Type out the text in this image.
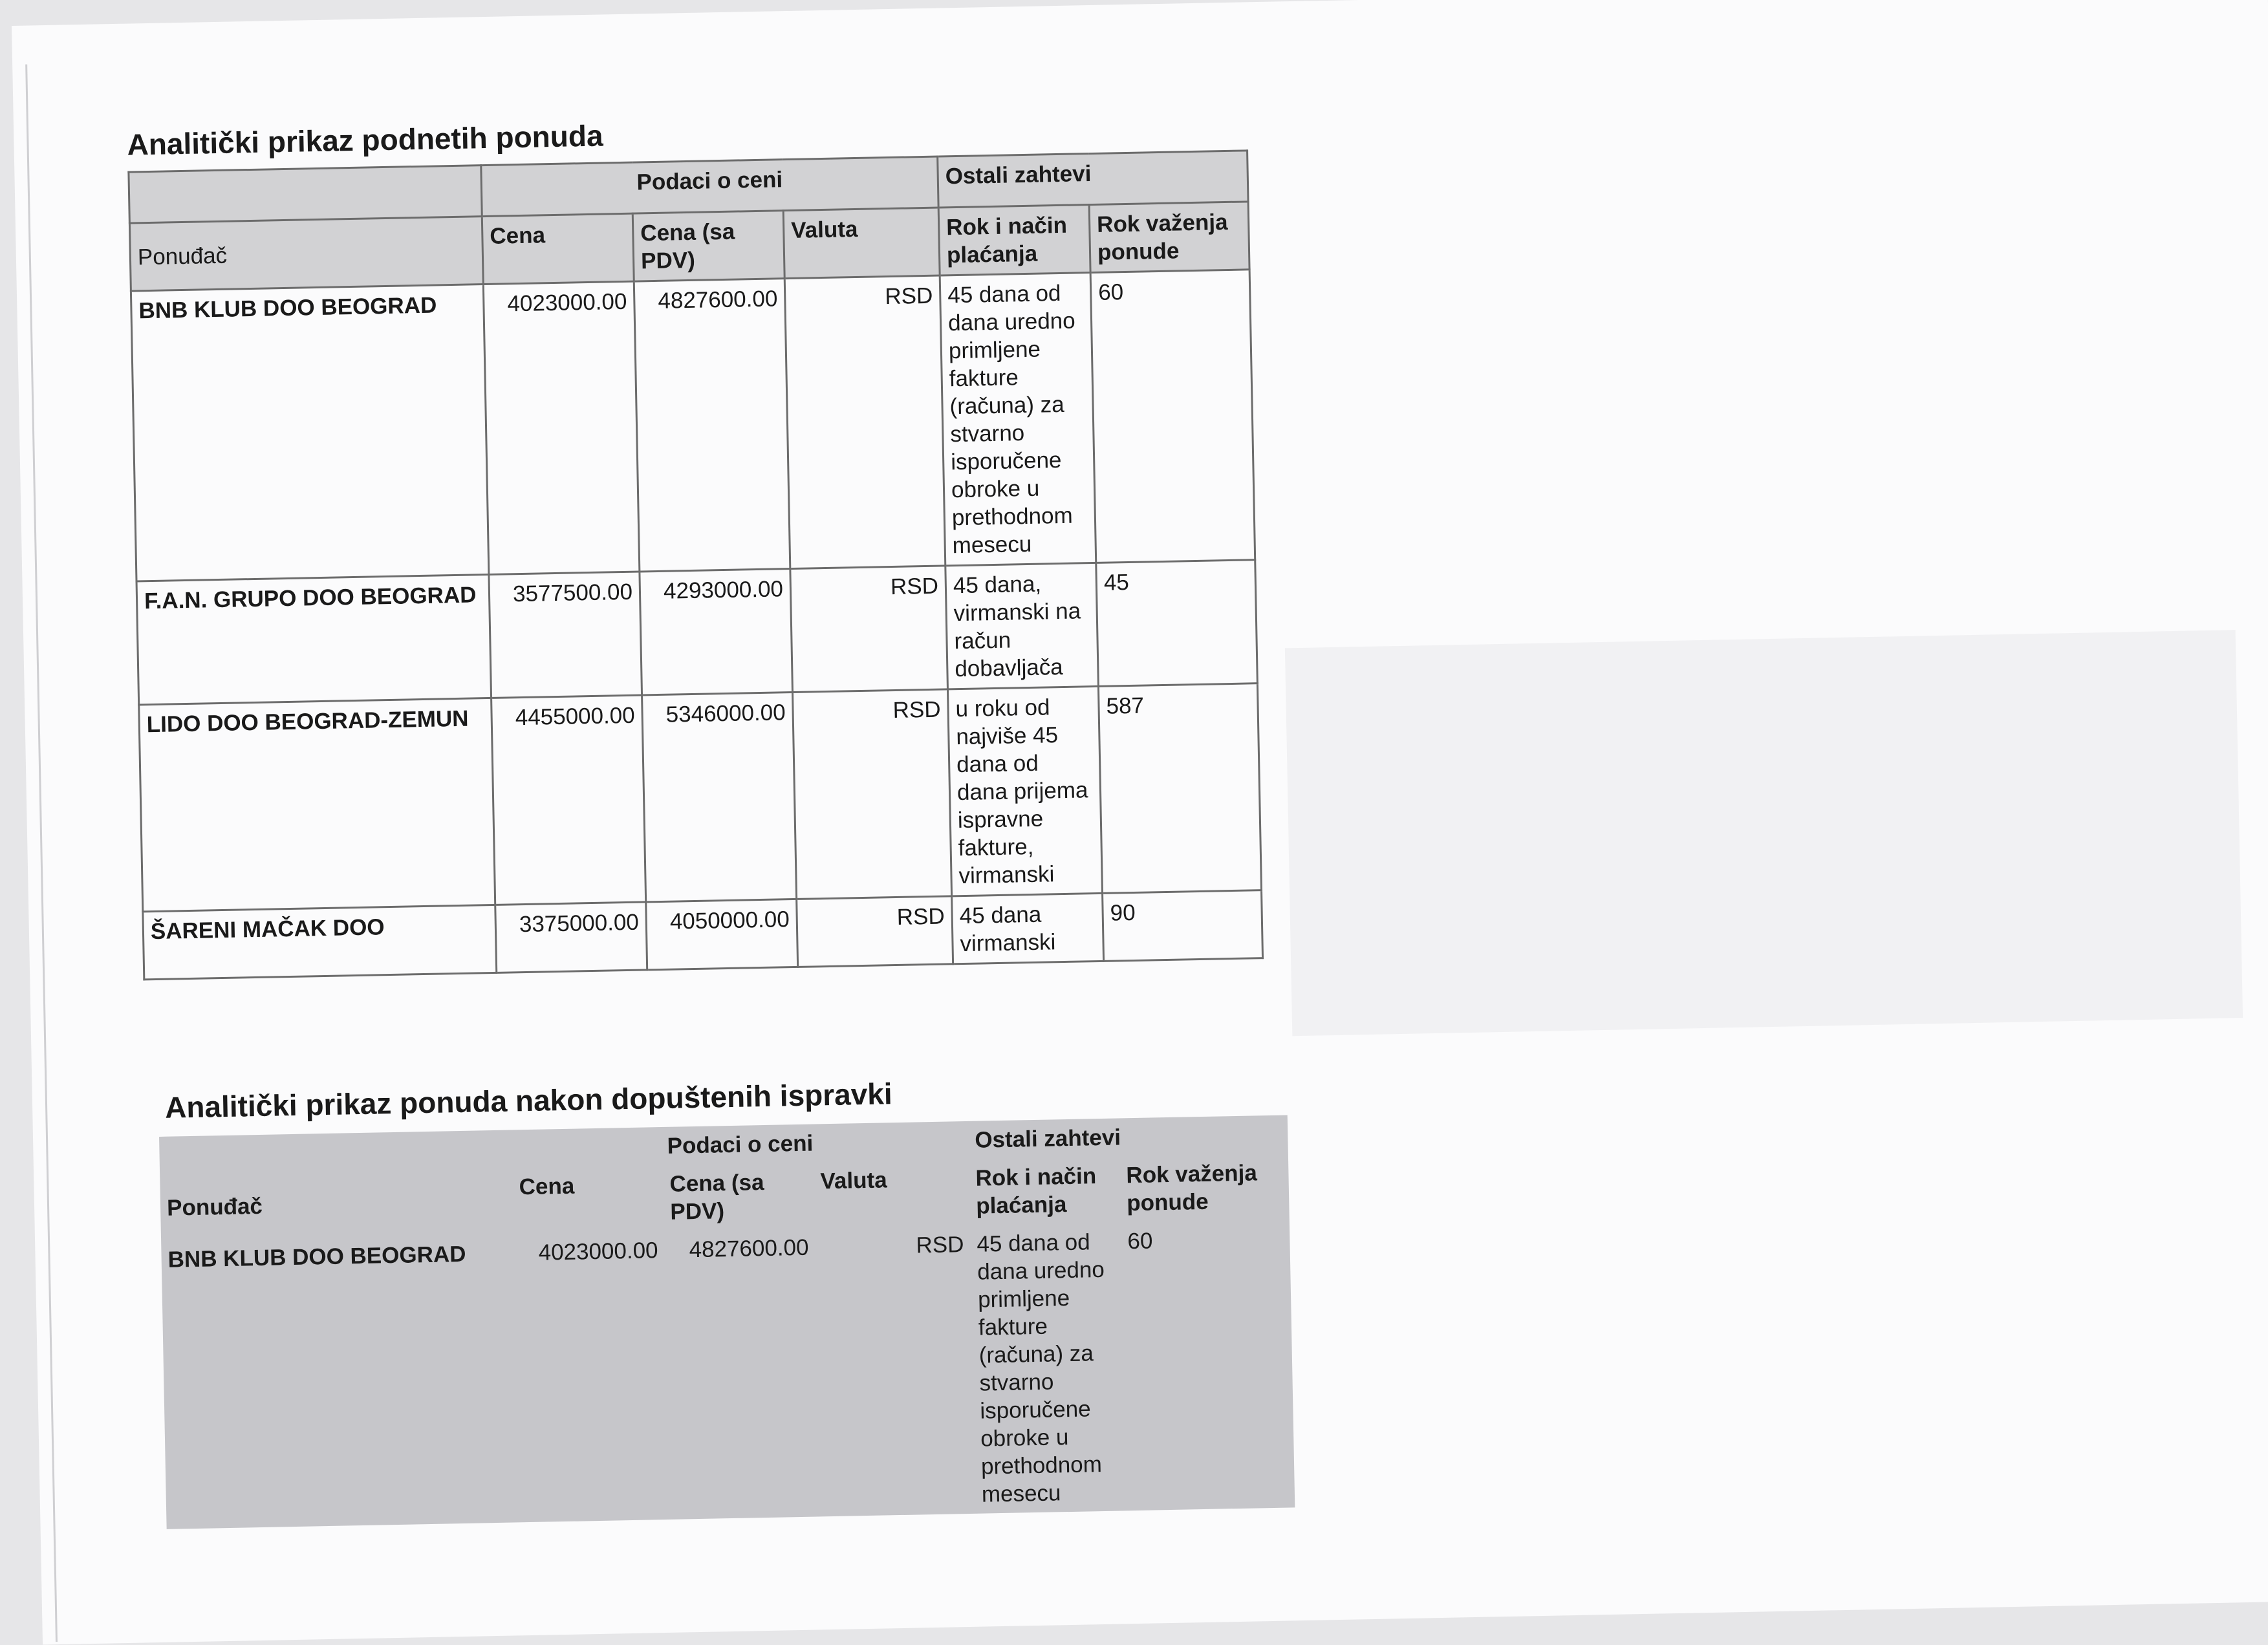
Analitički prikaz podnetih ponuda
	Podaci o ceni			Ostali zahtevi	
Ponuđač	Cena	Cena (sa PDV)	Valuta	Rok i način plaćanja	Rok važenja ponude
BNB KLUB DOO BEOGRAD	4023000.00	4827600.00	RSD	45 dana od dana uredno primljene fakture (računa) za stvarno isporučene obroke u prethodnom mesecu	60
F.A.N. GRUPO DOO BEOGRAD	3577500.00	4293000.00	RSD	45 dana, virmanski na račun dobavljača	45
LIDO DOO BEOGRAD-ZEMUN	4455000.00	5346000.00	RSD	u roku od najviše 45 dana od dana prijema ispravne fakture, virmanski	587
ŠARENI MAČAK DOO	3375000.00	4050000.00	RSD	45 dana virmanski	90
Analitički prikaz ponuda nakon dopuštenih ispravki
	Podaci o ceni			Ostali zahtevi	
Ponuđač	Cena	Cena (sa PDV)	Valuta	Rok i način plaćanja	Rok važenja ponude
BNB KLUB DOO BEOGRAD	4023000.00	4827600.00	RSD	45 dana od dana uredno primljene fakture (računa) za stvarno isporučene obroke u prethodnom mesecu	60
